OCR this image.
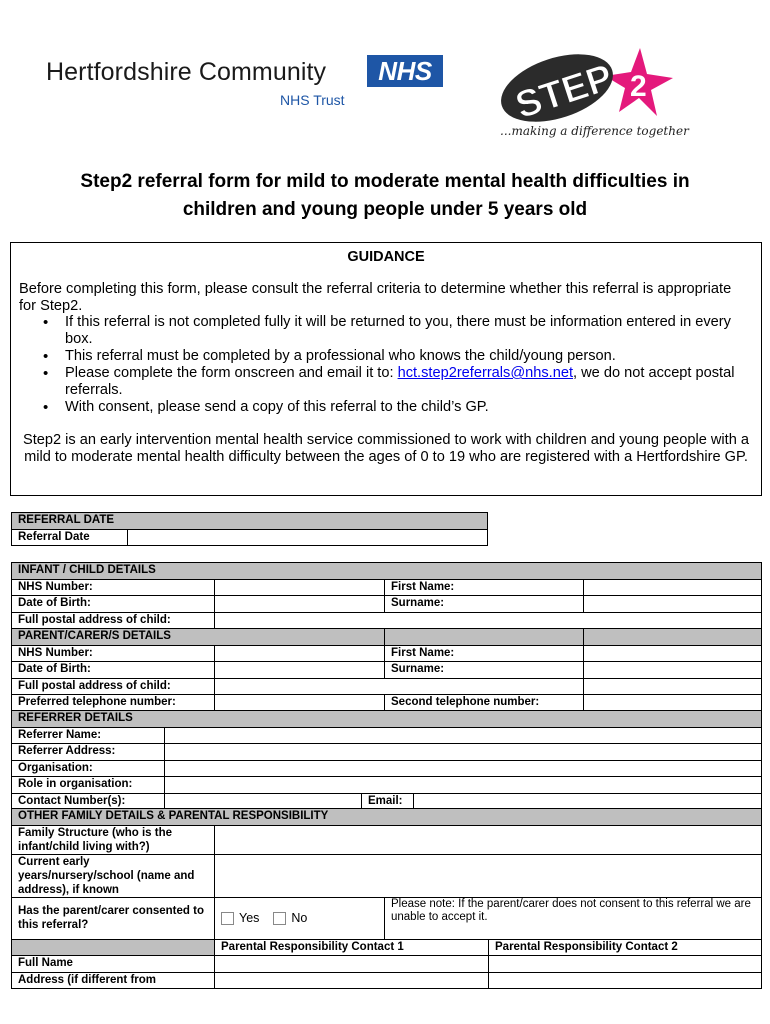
Hertfordshire Community	NHS
NHS Trust	STEP 2
...making a difference together
Step2 referral form for mild to moderate mental health difficulties in
children and young people under 5 years old
GUIDANCE
Before completing this form, please consult the referral criteria to determine whether this referral is appropriate for Step2.
• If this referral is not completed fully it will be returned to you, there must be information entered in every box.
• This referral must be completed by a professional who knows the child/young person.
• Please complete the form onscreen and email it to: hct.step2referrals@nhs.net, we do not accept postal referrals.
• With consent, please send a copy of this referral to the child’s GP.
Step2 is an early intervention mental health service commissioned to work with children and young people with a mild to moderate mental health difficulty between the ages of 0 to 19 who are registered with a Hertfordshire GP.
REFERRAL DATE
Referral Date	
INFANT / CHILD DETAILS			
NHS Number:		First Name:	
Date of Birth:		Surname:	
Full postal address of child:			
PARENT/CARER/S DETAILS			
NHS Number:		First Name:	
Date of Birth:		Surname:	
Full postal address of child:			
Preferred telephone number:		Second telephone number:	
REFERRER DETAILS			
Referrer Name:			
Referrer Address:			
Organisation:			
Role in organisation:			
Contact Number(s):		Email:	
OTHER FAMILY DETAILS & PARENTAL RESPONSIBILITY			
Family Structure (who is the infant/child living with?)			
Current early years/nursery/school (name and address), if known			
Has the parent/carer consented to this referral?	Yes No	Please note: If the parent/carer does not consent to this referral we are unable to accept it.	
	Parental Responsibility Contact 1		Parental Responsibility Contact 2
Full Name			
Address (if different from			
